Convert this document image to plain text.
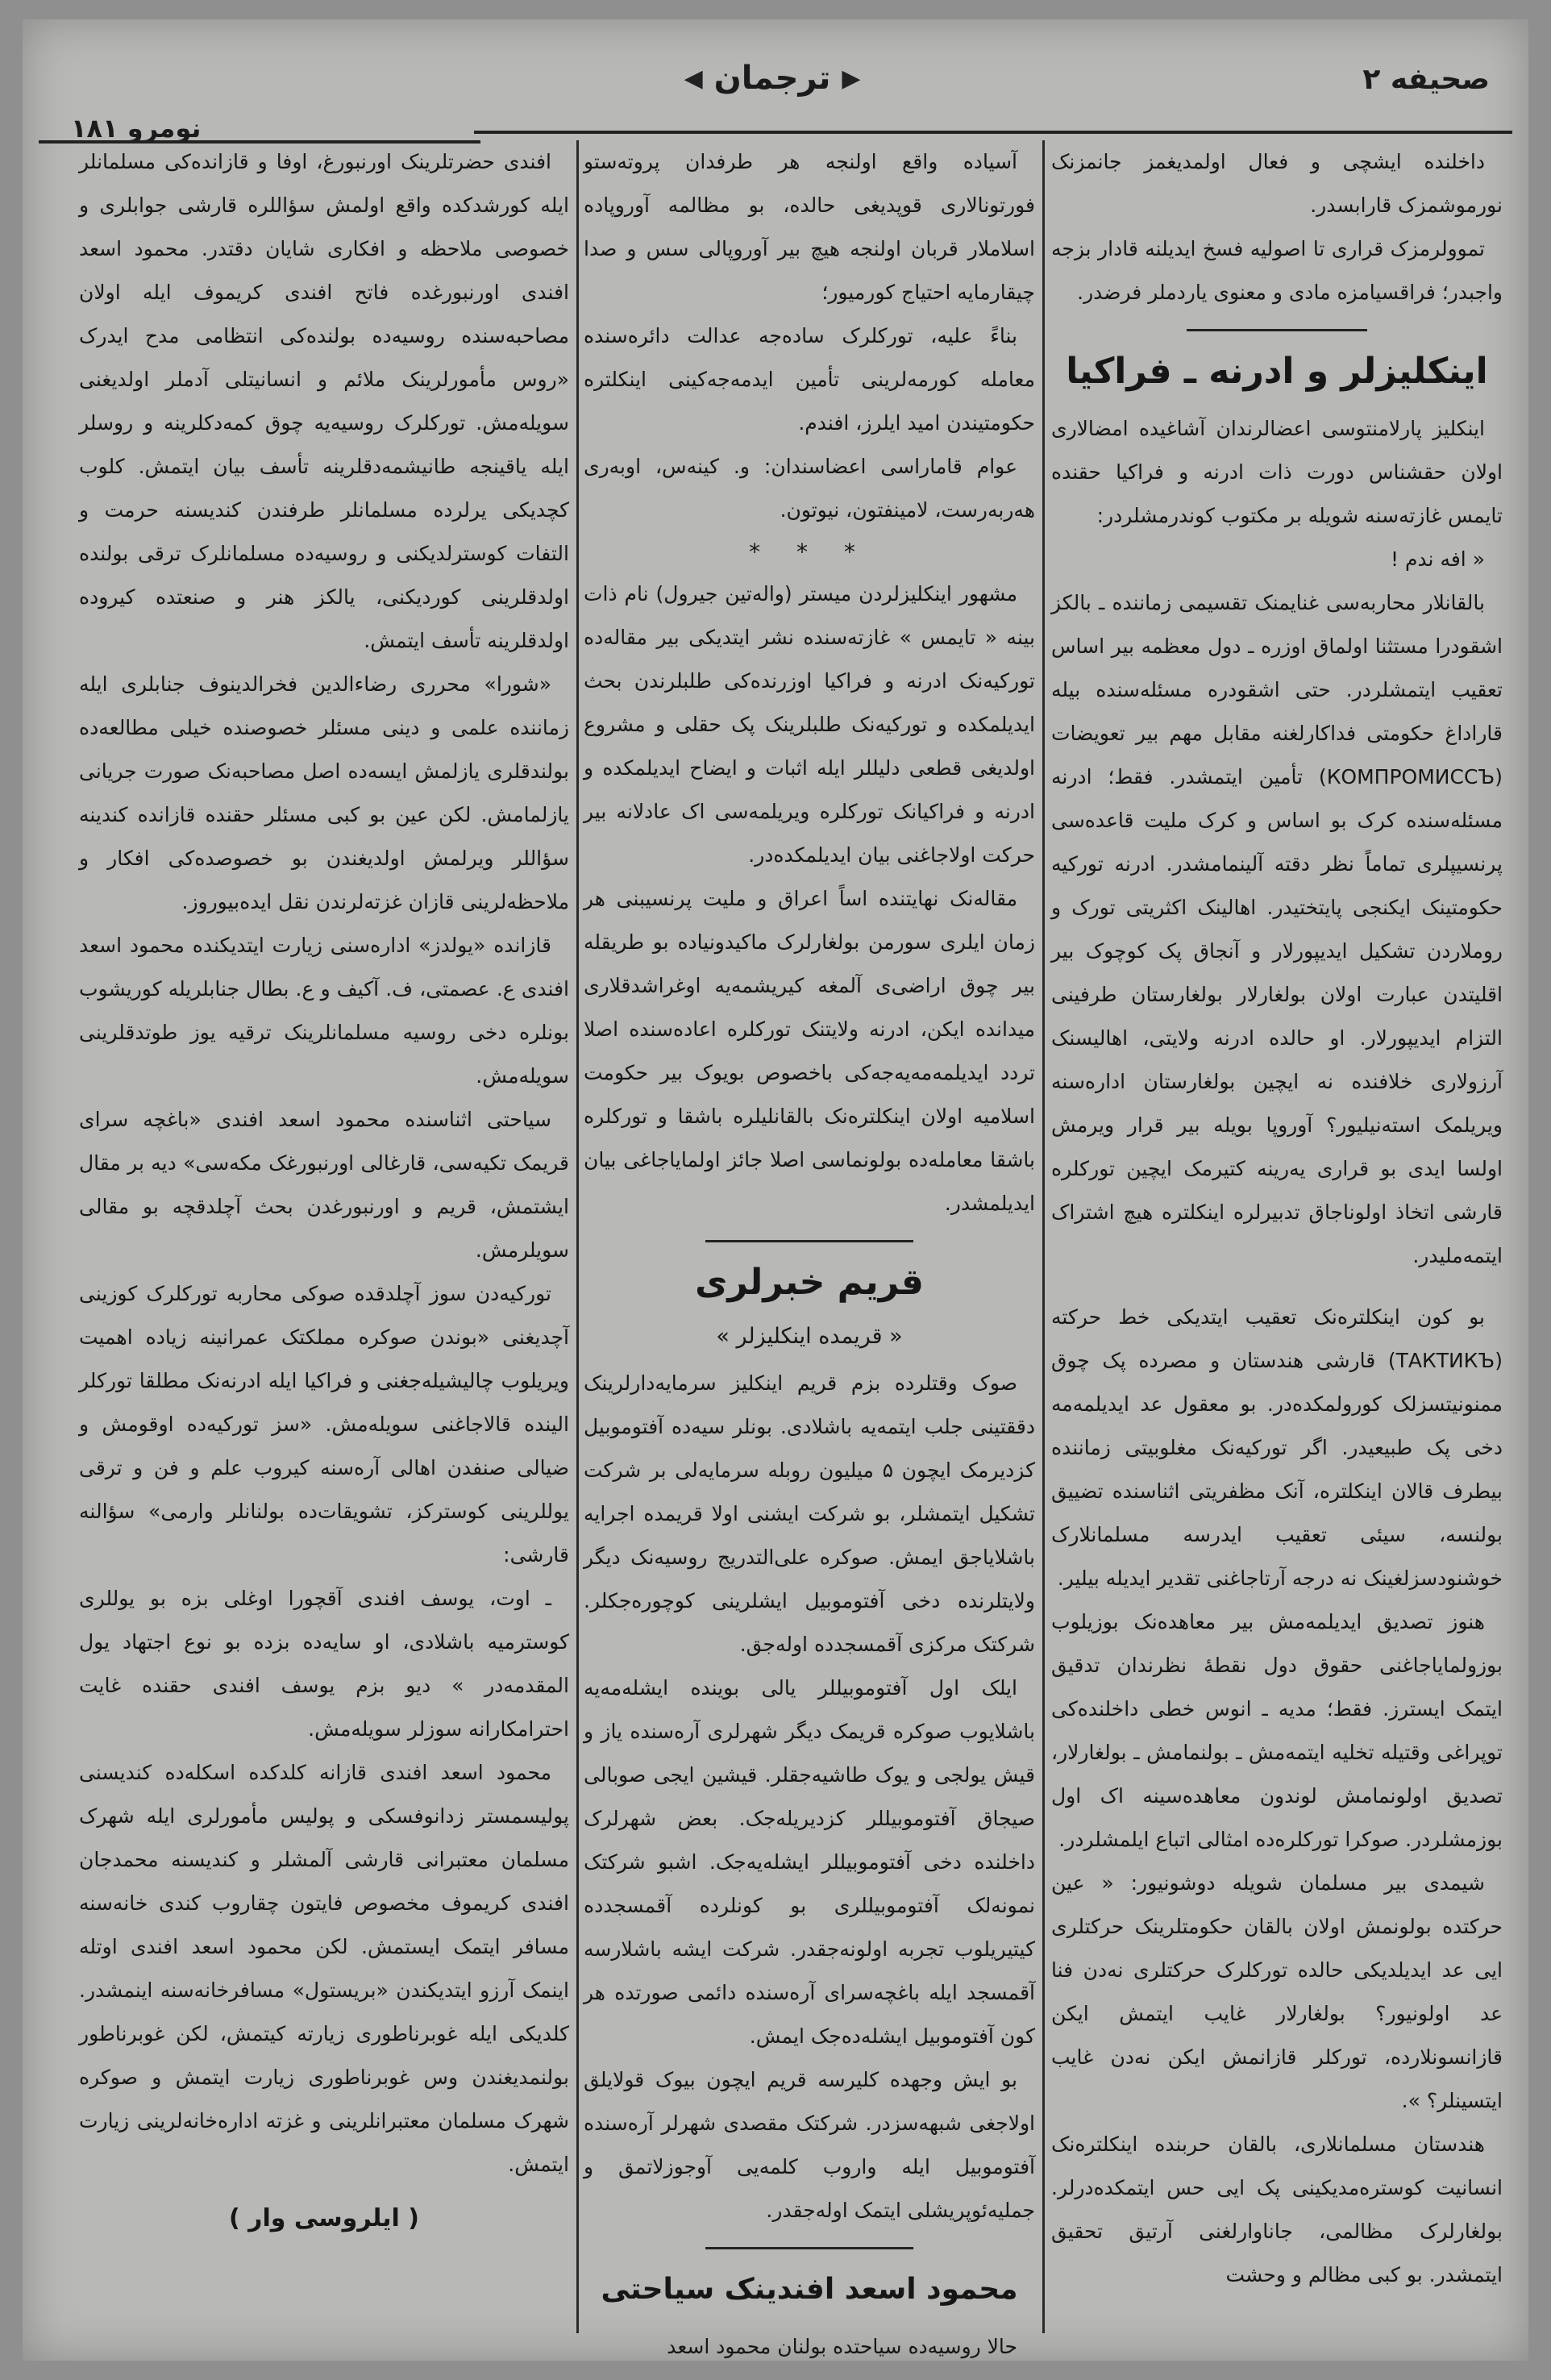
صحیفه ۲
▶
ترجمان
◀
نومرو ۱۸۱

داخلنده ایشچی و فعال اولمدیغمز جانمزنک نورموشمزک قارابسدر.

تموولرمزک قراری تا اصولیه فسخ ایدیلنه قادار بزجه واجبدر؛ فراقسیامزه مادی و معنوی یاردملر فرضدر.

اینکلیزلر و ادرنه ـ فراکیا

اینکلیز پارلامنتوسی اعضالرندان آشاغیده امضالاری اولان حقشناس دورت ذات ادرنه و فراکیا حقنده تایمس غازته‌سنه شویله بر مکتوب کوندرمشلردر:

« افه ندم !

بالقانلار محاربه‌سی غنایمنک تقسیمی زماننده ـ بالکز اشقودرا مستثنا اولماق اوزره ـ دول معظمه بیر اساس تعقیب ایتمشلردر. حتی اشقودره مسئله‌سنده بیله قاراداغ حکومتی فداکارلغنه مقابل مهم بیر تعویضات (КОМПРОМИССЪ) تأمین ایتمشدر. فقط؛ ادرنه مسئله‌سنده کرک بو اساس و کرک ملیت قاعده‌سی پرنسیپلری تماماً نظر دقته آلینمامشدر. ادرنه تورکیه حکومتینک ایکنجی پایتختیدر. اهالینک اکثریتی تورک و روملاردن تشکیل ایدیپورلار و آنجاق پک کوچوک بیر اقلیتدن عبارت اولان بولغارلار بولغارستان طرفینی التزام ایدیپورلار. او حالده ادرنه ولایتی، اهالیسنک آرزولاری خلافنده نه ایچین بولغارستان اداره‌سنه ویریلمک استه‌نیلیور؟ آوروپا بویله بیر قرار ویرمش اولسا ایدی بو قراری یه‌رینه کتیرمک ایچین تورکلره قارشی اتخاذ اولوناجاق تدبیرلره اینکلتره هیچ اشتراک ایتمه‌ملیدر.

بو کون اینکلتره‌نک تعقیب ایتدیکی خط حرکته (ТАКТИКЪ) قارشی هندستان و مصرده پک چوق ممنونیتسزلک کورولمکده‌در. بو معقول عد ایدیلمه‌مه دخی پک طبیعیدر. اگر تورکیه‌نک مغلوبیتی زماننده بیطرف قالان اینکلتره، آنک مظفریتی اثنا‌سنده تضییق بولنسه، سیئی تعقیب ایدرسه مسلمانلارک خوشنودسزلغینک نه درجه آرتاجاغنی تقدیر ایدیله بیلیر.

هنوز تصدیق ایدیلمه‌مش بیر معاهده‌نک بوزیلوب بوزولمایاجاغنی حقوق دول نقطهٔ نظرندان تدقیق ایتمک ایسترز. فقط؛ مدیه ـ انوس خطی داخلنده‌کی توپراغی وقتیله تخلیه ایتمه‌مش ـ بولنمامش ـ بولغارلار، تصدیق اولونمامش لوندون معاهده‌سینه اک اول بوزمشلردر. صوکرا تورکلره‌ده امثالی اتباع ایلمشلردر.

شیمدی بیر مسلمان شویله دوشونیور: « عین حرکتده بولونمش اولان بالقان حکومتلرینک حرکتلری ایی عد ایدیلدیکی حالده تورکلرک حرکتلری نه‌دن فنا عد اولونیور؟ بولغارلار غایب ایتمش ایکن قازانسونلارده، تورکلر قازانمش ایکن نه‌دن غایب ایتسینلر؟ ».

هندستان مسلمانلاری، بالقان حربنده اینکلتره‌نک انسانیت کوستره‌مدیکینی پک ایی حس ایتمکده‌درلر. بولغارلرک مظالمی، جاناوارلغنی آرتیق تحقیق ایتمشدر. بو کبی مظالم و وحشت

آسیاده واقع اولنجه هر طرفدان پروته‌ستو فورتونالاری قوپدیغی حالده، بو مظالمه آوروپاده اسلاملار قربان اولنجه هیچ بیر آوروپالی سس و صدا چیقارمایه احتیاج کورمیور؛

بناءً علیه، تورکلرک ساده‌جه عدالت دائره‌سنده معامله کورمه‌لرینی تأمین ایدمه‌جه‌کینی اینکلتره حکومتیندن امید ایلرز، افندم.

عوام قاماراسی اعضاسندان: و. کینه‌س، اوبه‌ری هه‌ربه‌رست، لامینفتون، نیوتون.

* * *

مشهور اینکلیزلردن میستر (واله‌تین جیرول) نام ذات بینه « تایمس » غازته‌سنده نشر ایتدیکی بیر مقاله‌ده تورکیه‌نک ادرنه و فراکیا اوزرنده‌کی طلبلرندن بحث ایدیلمکده و تورکیه‌نک طلبلرینک پک حقلی و مشروع اولدیغی قطعی دلیللر ایله اثبات و ایضاح ایدیلمکده و ادرنه و فراکیانک تورکلره ویریلمه‌سی اک عادلانه بیر حرکت اولاجاغنی بیان ایدیلمکده‌در.

مقاله‌نک نهایتنده اساً اعراق و ملیت پرنسیبنی هر زمان ایلری سورمن بولغارلرک ماکیدونیاده بو طریقله بیر چوق اراضی‌ی آلمغه کیریشمه‌یه اوغراشدقلاری میدانده ایکن، ادرنه ولایتنک تورکلره اعاده‌سنده اصلا تردد ایدیلمه‌مه‌یه‌جه‌کی باخصوص بویوک بیر حکومت اسلامیه اولان اینکلتره‌نک بالقانلیلره باشقا و تورکلره باشقا معامله‌ده بولونماسی اصلا جائز اولمایاجاغی بیان ایدیلمشدر.

قریم خبرلری
« قریمده اینکلیزلر »

صوک وقتلرده بزم قریم اینکلیز سرمایه‌دارلرینک دققتینی جلب ایتمه‌یه باشلادی. بونلر سیه‌ده آفتوموبیل کزدیرمک ایچون ۵ میلیون روبله سرمایه‌لی بر شرکت تشکیل ایتمشلر، بو شرکت ایشنی اولا قریمده اجرایه باشلایاجق ایمش. صوکره علی‌التدریج روسیه‌نک دیگر ولایتلرنده دخی آفتوموبیل ایشلرینی کوچوره‌جکلر. شرکتک مرکزی آقمسجدده اوله‌جق.

ایلک اول آفتوموبیللر یالی بوینده ایشله‌مه‌یه باشلایوب صوکره قریمک دیگر شهرلری آره‌سنده یاز و قیش یولجی و یوک طاشیه‌جقلر. قیشین ایجی صوبالی صیجاق آفتوموبیللر کزدیریله‌جک. بعض شهرلرک داخلنده دخی آفتوموبیللر ایشله‌یه‌جک. اشبو شرکتک نمونه‌لک آفتوموبیللری بو کونلرده آقمسجدده کیتیریلوب تجربه اولونه‌جقدر. شرکت ایشه باشلارسه آقمسجد ایله باغچه‌سرای آره‌سنده دائمی صورتده هر کون آفتوموبیل ایشله‌ده‌جک ایمش.

بو ایش وجهده کلیرسه قریم ایچون بیوک قولایلق اولاجغی شبهه‌سزدر. شرکتک مقصدی شهرلر آره‌سنده آفتوموبیل ایله واروب کلمه‌یی آوجوزلاتمق و جملیه‌ئوپریشلی ایتمک اوله‌جقدر.

محمود اسعد افندینک سیاحتی

حالا روسیه‌ده سیاحتده بولنان محمود اسعد

افندی حضرتلرینک اورنبورغ، اوفا و قازانده‌کی مسلمانلر ایله کورشدکده واقع اولمش سؤاللره قارشی جوابلری و خصوصی ملاحظه و افکاری شایان دقتدر. محمود اسعد افندی اورنبورغده فاتح افندی کریموف ایله اولان مصاحبه‌سنده روسیه‌ده بولنده‌کی انتظامی مدح ایدرک «روس مأمورلرینک ملائم و انسانیتلی آدملر اولدیغنی سویله‌مش. تورکلرک روسیه‌یه چوق کمه‌دکلرینه و روسلر ایله یاقینجه طانیشمه‌دقلرینه تأسف بیان ایتمش. کلوب کچدیکی یرلرده مسلمانلر طرفندن کندیسنه حرمت و التفات کوسترلدیکنی و روسیه‌ده مسلمانلرک ترقی بولنده اولدقلرینی کوردیکنی، یالکز هنر و صنعتده کیروده اولدقلرینه تأسف ایتمش.

«شورا» محرری رضاءالدین فخرالدینوف جنابلری ایله زماننده علمی و دینی مسئلر خصوصنده خیلی مطالعه‌ده بولندقلری یازلمش ایسه‌ده اصل مصاحبه‌نک صورت جریانی یازلمامش. لکن عین بو کبی مسئلر حقنده قازانده کندینه سؤاللر ویرلمش اولدیغندن بو خصوصده‌کی افکار و ملاحظه‌لرینی قازان غزته‌لرندن نقل ایده‌بیوروز.

قازانده «یولدز» اداره‌سنی زیارت ایتدیکنده محمود اسعد افندی ع. عصمتی، ف. آکیف و ع. بطال جنابلریله کوریشوب بونلره دخی روسیه مسلمانلرینک ترقیه یوز طوتدقلرینی سویله‌مش.

سیاحتی اثناسنده محمود اسعد افندی «باغچه سرای قریمک تکیه‌سی، قارغالی اورنبورغک مکه‌سی» دیه بر مقال ایشتمش، قریم و اورنبورغدن بحث آچلدقچه بو مقالی سویلرمش.

تورکیه‌دن سوز آچلدقده صوکی محاربه تورکلرک کوزینی آچدیغنی «بوندن صوکره مملکتک عمرانینه زیاده اهمیت ویریلوب چالیشیله‌جغنی و فراکیا ایله ادرنه‌نک مطلقا تورکلر الینده قالاجاغنی سویله‌مش. «سز تورکیه‌ده اوقومش و ضیالی صنفدن اهالی آره‌سنه کیروب علم و فن و ترقی یوللرینی کوسترکز، تشویقات‌ده بولنانلر وارمی» سؤالنه قارشی:

ـ اوت، یوسف افندی آقچورا اوغلی بزه بو یوللری کوسترمیه باشلادی، او سایه‌ده بزده بو نوع اجتهاد یول المقدمه‌در » دیو بزم یوسف افندی حقنده غایت احترامکارانه سوزلر سویله‌مش.

محمود اسعد افندی قازانه کلدکده اسکله‌ده کندیسنی پولیسمستر زدانوفسکی و پولیس مأمورلری ایله شهرک مسلمان معتبرانی قارشی آلمشلر و کندیسنه محمدجان افندی کریموف مخصوص فایتون چقاروب کندی خانه‌سنه مسافر ایتمک ایستمش. لکن محمود اسعد افندی اوتله اینمک آرزو ایتدیکندن «بریستول» مسافرخانه‌سنه اینمشدر. کلدیکی ایله غوبرناطوری زیارته کیتمش، لکن غوبرناطور بولنمدیغندن وس غوبرناطوری زیارت ایتمش و صوکره شهرک مسلمان معتبرانلرینی و غزته اداره‌خانه‌لرینی زیارت ایتمش.

( ایلروسی وار )
